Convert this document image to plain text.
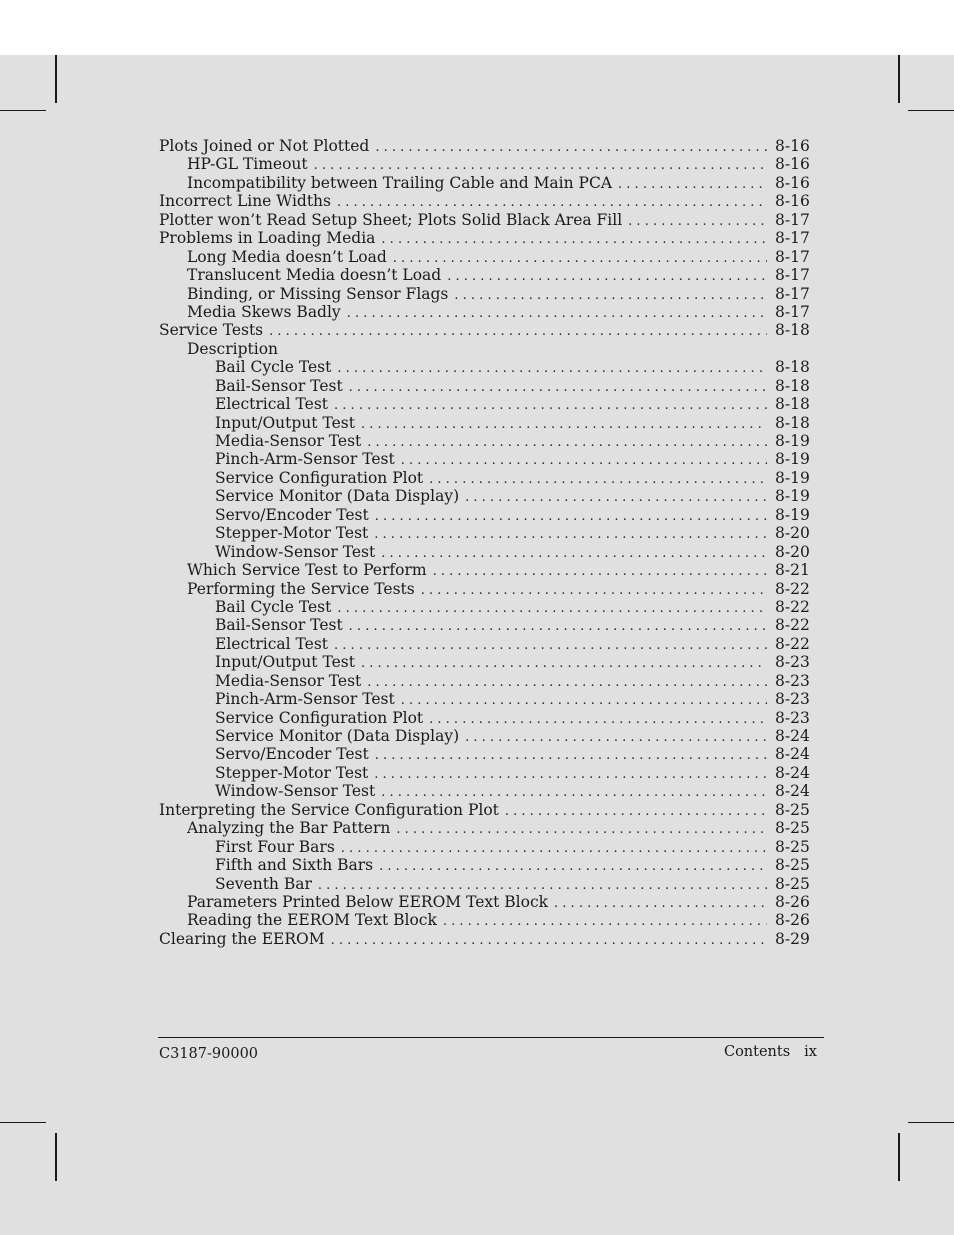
Plots Joined or Not Plotted . . .	8-16
HP-GL Timeout . . .	8-16
Incompatibility between Trailing Cable and Main PCA . . .	8-16
Incorrect Line Widths . . .	8-16
Plotter won’t Read Setup Sheet; Plots Solid Black Area Fill . . .	8-17
Problems in Loading Media . . .	8-17
Long Media doesn’t Load . . .	8-17
Translucent Media doesn’t Load . . .	8-17
Binding, or Missing Sensor Flags . . .	8-17
Media Skews Badly . . .	8-17
Service Tests . . .	8-18
Description
Bail Cycle Test . . .	8-18
Bail-Sensor Test . . .	8-18
Electrical Test . . .	8-18
Input/Output Test . . .	8-18
Media-Sensor Test . . .	8-19
Pinch-Arm-Sensor Test . . .	8-19
Service Configuration Plot . . .	8-19
Service Monitor (Data Display) . . .	8-19
Servo/Encoder Test . . .	8-19
Stepper-Motor Test . . .	8-20
Window-Sensor Test . . .	8-20
Which Service Test to Perform . . .	8-21
Performing the Service Tests . . .	8-22
Bail Cycle Test . . .	8-22
Bail-Sensor Test . . .	8-22
Electrical Test . . .	8-22
Input/Output Test . . .	8-23
Media-Sensor Test . . .	8-23
Pinch-Arm-Sensor Test . . .	8-23
Service Configuration Plot . . .	8-23
Service Monitor (Data Display) . . .	8-24
Servo/Encoder Test . . .	8-24
Stepper-Motor Test . . .	8-24
Window-Sensor Test . . .	8-24
Interpreting the Service Configuration Plot . . .	8-25
Analyzing the Bar Pattern . . .	8-25
First Four Bars . . .	8-25
Fifth and Sixth Bars . . .	8-25
Seventh Bar . . .	8-25
Parameters Printed Below EEROM Text Block . . .	8-26
Reading the EEROM Text Block . . .	8-26
Clearing the EEROM . . .	8-29
C3187-90000	Contents ix
